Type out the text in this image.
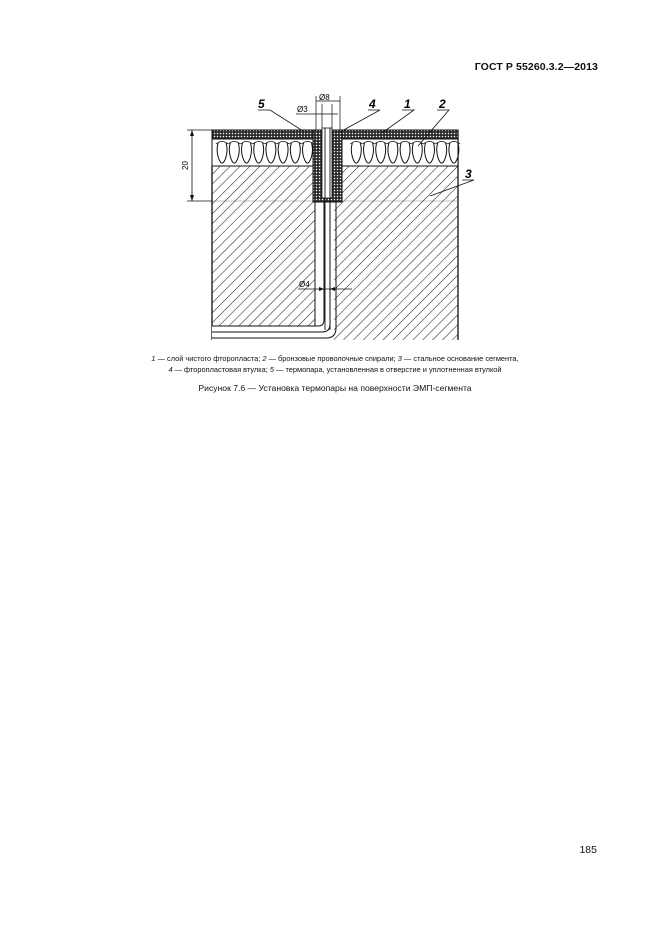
ГОСТ Р 55260.3.2—2013
20
Ø8
Ø3
Ø4
5	4 1 2
3
1 — слой чистого фторопласта; 2 — бронзовые проволочные спирали; 3 — стальное основание сегмента,
4 — фторопластовая втулка; 5 — термопара, установленная в отверстие и уплотненная втулкой
Рисунок 7.6 — Установка термопары на поверхности ЭМП-сегмента
185
